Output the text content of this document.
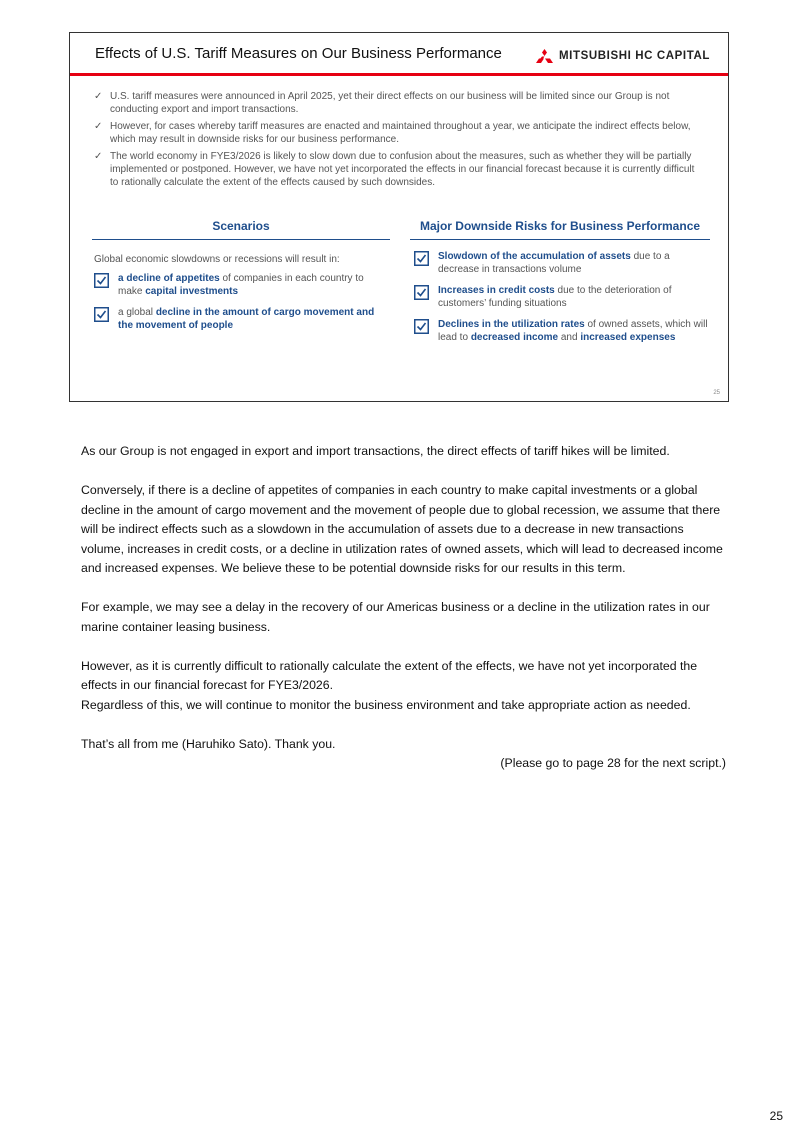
Effects of U.S. Tariff Measures on Our Business Performance	MITSUBISHI HC CAPITAL
✓ U.S. tariff measures were announced in April 2025, yet their direct effects on our business will be limited since our Group is not conducting export and import transactions.
✓ However, for cases whereby tariff measures are enacted and maintained throughout a year, we anticipate the indirect effects below, which may result in downside risks for our business performance.
✓ The world economy in FYE3/2026 is likely to slow down due to confusion about the measures, such as whether they will be partially implemented or postponed. However, we have not yet incorporated the effects in our financial forecast because it is currently difficult to rationally calculate the extent of the effects caused by such downsides.
Scenarios	Major Downside Risks for Business Performance
Global economic slowdowns or recessions will result in:
a decline of appetites of companies in each country to make capital investments
a global decline in the amount of cargo movement and the movement of people
Slowdown of the accumulation of assets due to a decrease in transactions volume
Increases in credit costs due to the deterioration of customers’ funding situations
Declines in the utilization rates of owned assets, which will lead to decreased income and increased expenses
25

As our Group is not engaged in export and import transactions, the direct effects of tariff hikes will be limited.

Conversely, if there is a decline of appetites of companies in each country to make capital investments or a global decline in the amount of cargo movement and the movement of people due to global recession, we assume that there will be indirect effects such as a slowdown in the accumulation of assets due to a decrease in new transactions volume, increases in credit costs, or a decline in utilization rates of owned assets, which will lead to decreased income and increased expenses. We believe these to be potential downside risks for our results in this term.

For example, we may see a delay in the recovery of our Americas business or a decline in the utilization rates in our marine container leasing business.

However, as it is currently difficult to rationally calculate the extent of the effects, we have not yet incorporated the effects in our financial forecast for FYE3/2026.

Regardless of this, we will continue to monitor the business environment and take appropriate action as needed.

That’s all from me (Haruhiko Sato). Thank you.

(Please go to page 28 for the next script.)

25
